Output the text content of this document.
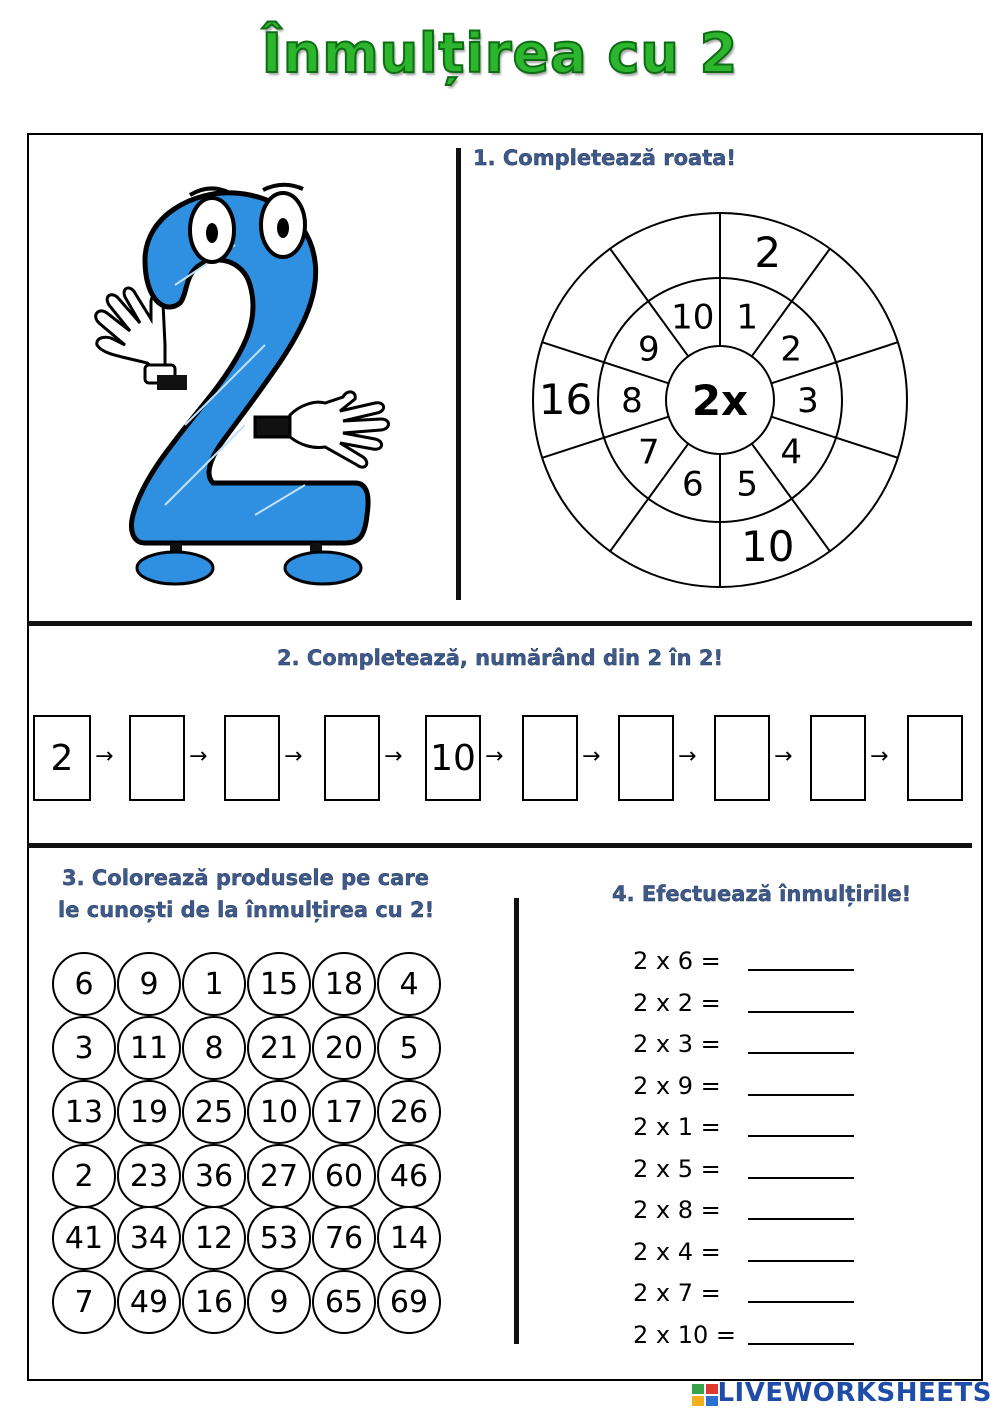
Înmulțirea cu 2
1. Completează roata!
1
2
2
3
4
5
10
6
7
8
16
9
10
2x
2. Completează, numărând din 2 în 2!
2 →	→	→	→ 10 →	→	→	→	→
3. Colorează produsele pe care
le cunoști de la înmulțirea cu 2!
6	9	1	15 18	4
3	11	8	21 20	5
13 19 25 10 17 26
2	23 36 27 60 46
41 34 12 53 76 14
7	49 16	9	65 69
4. Efectuează înmulțirile!
2 x 6 =
2 x 2 =
2 x 3 =
2 x 9 =
2 x 1 =
2 x 5 =
2 x 8 =
2 x 4 =
2 x 7 =
2 x 10 =
LIVEWORKSHEETS
